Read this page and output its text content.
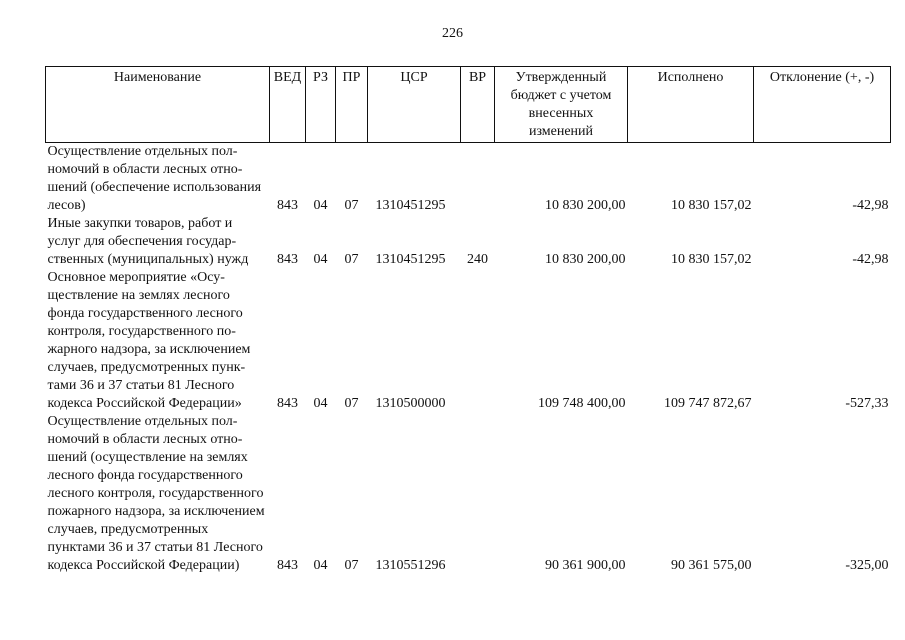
226
Наименование	ВЕД	РЗ	ПР	ЦСР	ВР	Утвержденный бюджет с учетом внесенных изменений	Исполнено	Отклонение (+, -)
Осуществление отдельных полномочий в области лесных отношений (обеспечение использования лесов)	843	04	07	1310451295		10 830 200,00	10 830 157,02	-42,98
Иные закупки товаров, работ и услуг для обеспечения государственных (муниципальных) нужд	843	04	07	1310451295	240	10 830 200,00	10 830 157,02	-42,98
Основное мероприятие «Осуществление на землях лесного фонда государственного лесного контроля, государственного пожарного надзора, за исключением случаев, предусмотренных пунктами 36 и 37 статьи 81 Лесного кодекса Российской Федерации»	843	04	07	1310500000		109 748 400,00	109 747 872,67	-527,33
Осуществление отдельных полномочий в области лесных отношений (осуществление на землях лесного фонда государственного лесного контроля, государственного пожарного надзора, за исключением случаев, предусмотренных пунктами 36 и 37 статьи 81 Лесного кодекса Российской Федерации)	843	04	07	1310551296		90 361 900,00	90 361 575,00	-325,00
